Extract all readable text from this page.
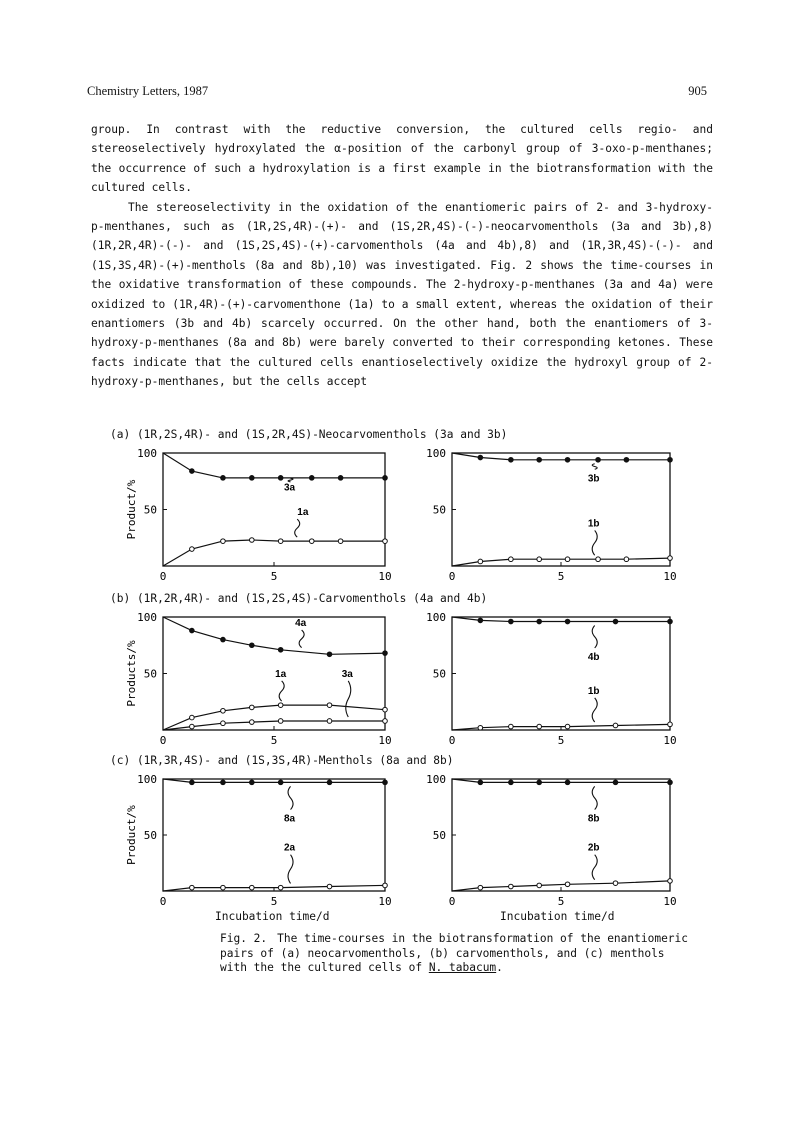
Chemistry Letters, 1987	905

group. In contrast with the reductive conversion, the cultured cells regio- and stereoselectively hydroxylated the α-position of the carbonyl group of 3-oxo-p-menthanes; the occurrence of such a hydroxylation is a first example in the biotransformation with the cultured cells.

The stereoselectivity in the oxidation of the enantiomeric pairs of 2- and 3-hydroxy-p-menthanes, such as (1R,2S,4R)-(+)- and (1S,2R,4S)-(-)-neocarvomenthols (3a and 3b),8) (1R,2R,4R)-(-)- and (1S,2S,4S)-(+)-carvomenthols (4a and 4b),8) and (1R,3R,4S)-(-)- and (1S,3S,4R)-(+)-menthols (8a and 8b),10) was investigated. Fig. 2 shows the time-courses in the oxidative transformation of these compounds. The 2-hydroxy-p-menthanes (3a and 4a) were oxidized to (1R,4R)-(+)-carvomenthone (1a) to a small extent, whereas the oxidation of their enantiomers (3b and 4b) scarcely occurred. On the other hand, both the enantiomers of 3-hydroxy-p-menthanes (8a and 8b) were barely converted to their corresponding ketones. These facts indicate that the cultured cells enantioselectively oxidize the hydroxyl group of 2-hydroxy-p-menthanes, but the cells accept

(a) (1R,2S,4R)- and (1S,2R,4S)-Neocarvomenthols (3a and 3b)
(b) (1R,2R,4R)- and (1S,2S,4S)-Carvomenthols (4a and 4b)
(c) (1R,3R,4S)- and (1S,3S,4R)-Menthols (8a and 8b)
50
100
0	5	10
Product/%	3a
1a	50
100
0	5	10
3b
1b
50
100
0	5	10
Products/%
4a
1a	3a	50
100
0	5	10
4b
1b
50
100
0	5	10
Product/%	8a
2a
50
100
0	5	10
8b
2b
Incubation time/d	Incubation time/d
Fig. 2. The time-courses in the biotransformation of the enantiomeric pairs of (a) neocarvomenthols, (b) carvomenthols, and (c) menthols with the the cultured cells of N. tabacum.
